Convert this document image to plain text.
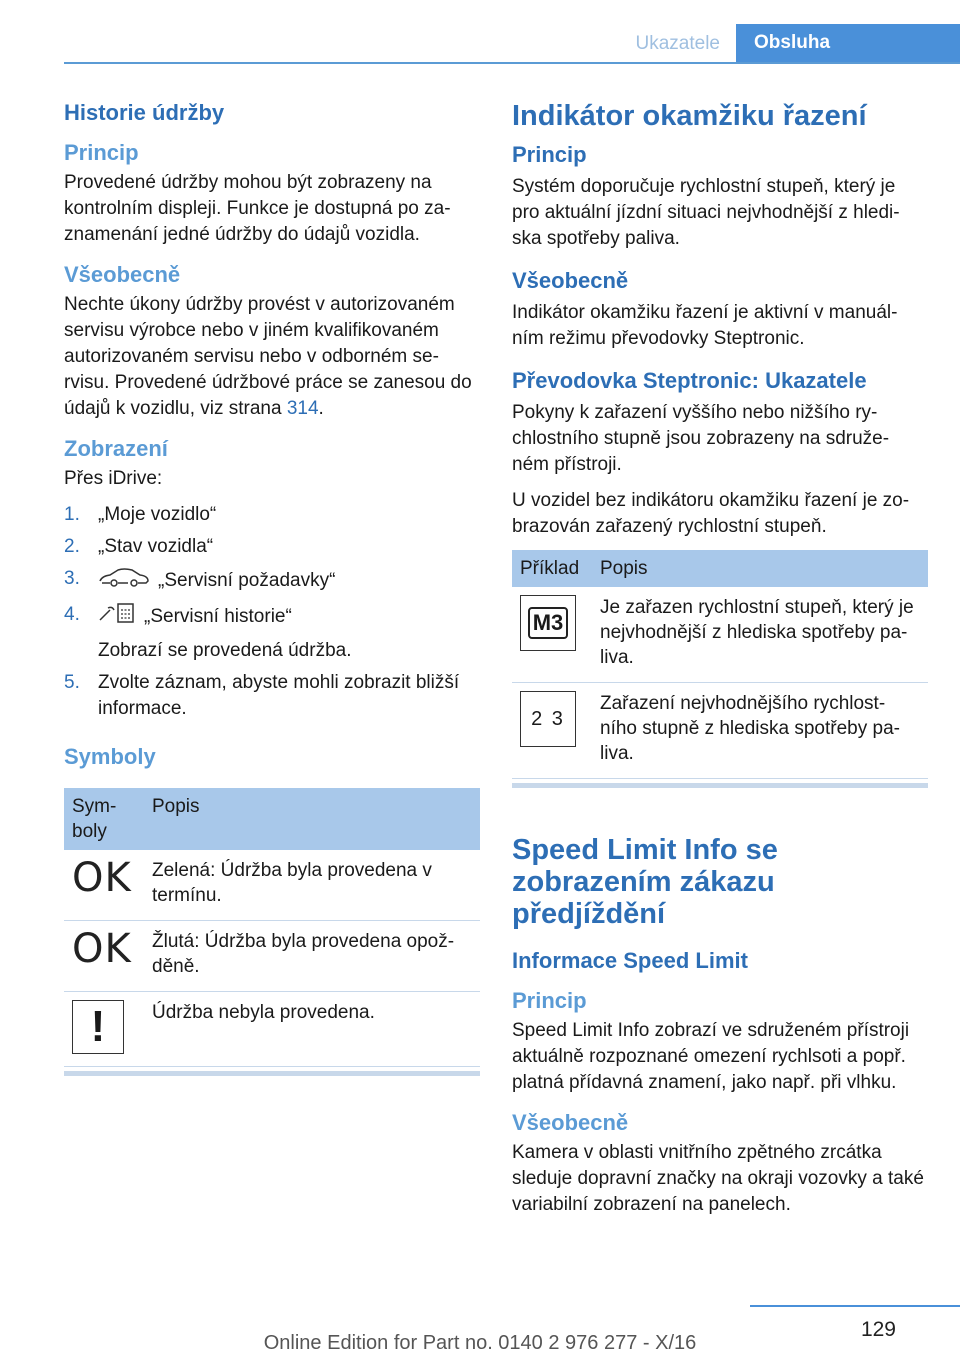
Ukazatele	Obsluha
Historie údržby
Princip

Provedené údržby mohou být zobrazeny na kontrolním displeji. Funkce je dostupná po za‐ znamenání jedné údržby do údajů vozidla.

Všeobecně

Nechte úkony údržby provést v autorizovaném servisu výrobce nebo v jiném kvalifikovaném autorizovaném servisu nebo v odborném se‐ rvisu. Provedené údržbové práce se zanesou do údajů k vozidlu, viz strana 314.

Zobrazení

Přes iDrive:

1. „Moje vozidlo“
2. „Stav vozidla“
3.	„Servisní požadavky“
4.	„Servisní historie“
Zobrazí se provedená údržba.
5. Zvolte záznam, abyste mohli zobrazit bližší informace.
Symboly
Sym‐ boly	Popis
OK	Zelená: Údržba byla provedena v termínu.
OK	Žlutá: Údržba byla provedena opož‐ děně.

!	Údržba nebyla provedena.
Indikátor okamžiku řazení
Princip

Systém doporučuje rychlostní stupeň, který je pro aktuální jízdní situaci nejvhodnější z hledi‐ ska spotřeby paliva.

Všeobecně

Indikátor okamžiku řazení je aktivní v manuál‐ ním režimu převodovky Steptronic.

Převodovka Steptronic: Ukazatele

Pokyny k zařazení vyššího nebo nižšího ry‐ chlostního stupně jsou zobrazeny na sdruže‐ ném přístroji.

U vozidel bez indikátoru okamžiku řazení je zo‐ brazován zařazený rychlostní stupeň.

Příklad	Popis

M3	Je zařazen rychlostní stupeň, který je nejvhodnější z hlediska spotřeby pa‐ liva.

2 3	Zařazení nejvhodnějšího rychlost‐ ního stupně z hlediska spotřeby pa‐ liva.
Speed Limit Info se zobrazením zákazu předjíždění
Informace Speed Limit
Princip

Speed Limit Info zobrazí ve sdruženém přístroji aktuálně rozpoznané omezení rychlsoti a popř. platná přídavná znamení, jako např. při vlhku.

Všeobecně

Kamera v oblasti vnitřního zpětného zrcátka sleduje dopravní značky na okraji vozovky a také variabilní zobrazení na panelech.

129
Online Edition for Part no. 0140 2 976 277 - X/16
